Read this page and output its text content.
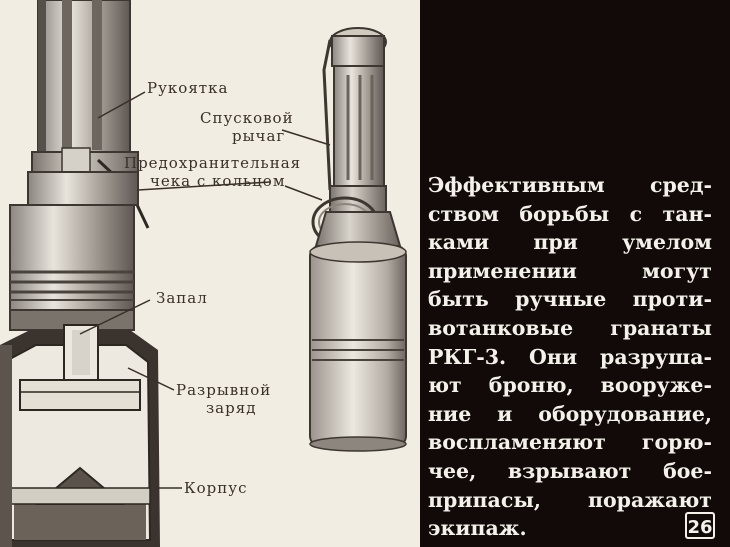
Рукоятка
Спусковой
рычаг
Предохранительная
чека с кольцом
Запал
Разрывной
заряд
Корпус
Эффективным сред-
ством борьбы с тан-
ками при умелом
применении	могут
быть ручные проти-
вотанковые гранаты
РКГ-3. Они разруша-
ют броню, вооруже-
ние и оборудование,
воспламеняют горю-
чее, взрывают бое-
припасы, поражают
экипаж.	26
